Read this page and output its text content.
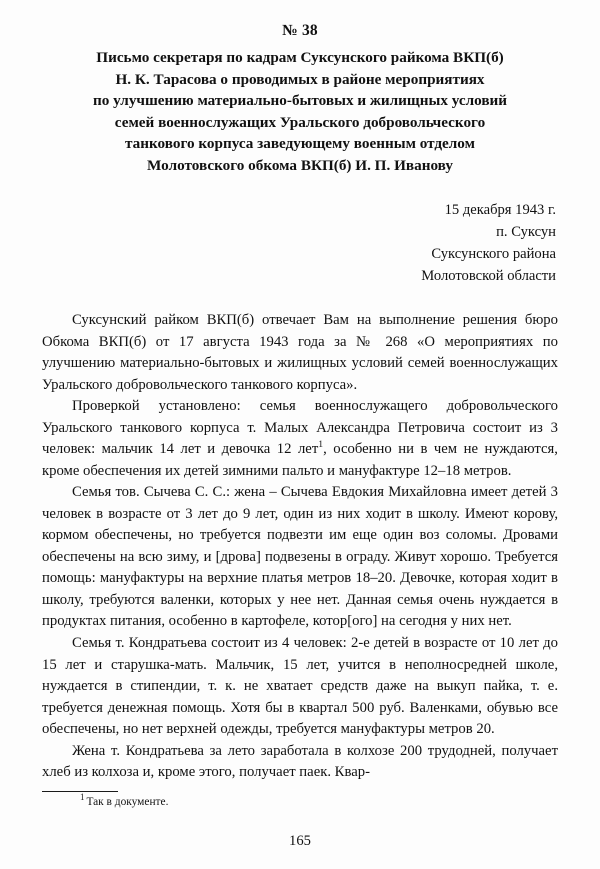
№ 38
Письмо секретаря по кадрам Суксунского райкома ВКП(б)
Н. К. Тарасова о проводимых в районе мероприятиях
по улучшению материально-бытовых и жилищных условий
семей военнослужащих Уральского добровольческого
танкового корпуса заведующему военным отделом
Молотовского обкома ВКП(б) И. П. Иванову
15 декабря 1943 г.
п. Суксун
Суксунского района
Молотовской области

Суксунский райком ВКП(б) отвечает Вам на выполнение решения бюро Обкома ВКП(б) от 17 августа 1943 года за № 268 «О мероприятиях по улучшению материально-бытовых и жилищных условий семей военнослужащих Уральского добровольческого танкового корпуса».

Проверкой установлено: семья военнослужащего добровольческого Уральского танкового корпуса т. Малых Александра Петровича состоит из 3 человек: мальчик 14 лет и девочка 12 лет$^1$, особенно ни в чем не нуждаются, кроме обеспечения их детей зимними пальто и мануфактуре 12–18 метров.

Семья тов. Сычева С. С.: жена – Сычева Евдокия Михайловна имеет детей 3 человек в возрасте от 3 лет до 9 лет, один из них ходит в школу. Имеют корову, кормом обеспечены, но требуется подвезти им еще один воз соломы. Дровами обеспечены на всю зиму, и [дрова] подвезены в ограду. Живут хорошо. Требуется помощь: мануфактуры на верхние платья метров 18–20. Девочке, которая ходит в школу, требуются валенки, которых у нее нет. Данная семья очень нуждается в продуктах питания, особенно в картофеле, котор[ого] на сегодня у них нет.

Семья т. Кондратьева состоит из 4 человек: 2-е детей в возрасте от 10 лет до 15 лет и старушка-мать. Мальчик, 15 лет, учится в неполносредней школе, нуждается в стипендии, т. к. не хватает средств даже на выкуп пайка, т. е. требуется денежная помощь. Хотя бы в квартал 500 руб. Валенками, обувью все обеспечены, но нет верхней одежды, требуется мануфактуры метров 20.

Жена т. Кондратьева за лето заработала в колхозе 200 трудодней, получает хлеб из колхоза и, кроме этого, получает паек. Квар-

$^1$ Так в документе.
165
